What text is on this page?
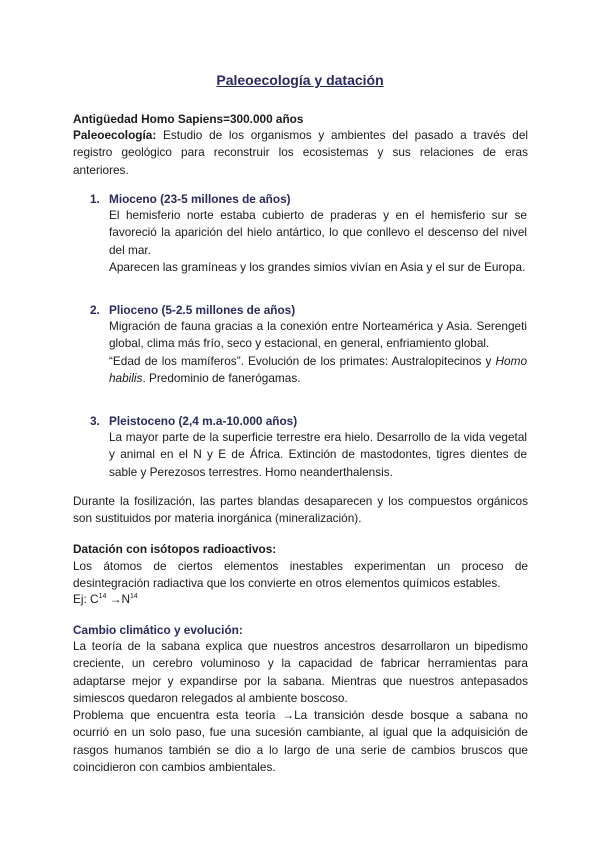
Paleoecología y datación
Antigüedad Homo Sapiens=300.000 años
Paleoecología: Estudio de los organismos y ambientes del pasado a través del registro geológico para reconstruir los ecosistemas y sus relaciones de eras anteriores.
1. Mioceno (23-5 millones de años)

El hemisferio norte estaba cubierto de praderas y en el hemisferio sur se favoreció la aparición del hielo antártico, lo que conllevo el descenso del nivel del mar.

Aparecen las gramíneas y los grandes simios vivían en Asia y el sur de Europa.

2. Plioceno (5-2.5 millones de años)

Migración de fauna gracias a la conexión entre Norteamérica y Asia. Serengeti global, clima más frío, seco y estacional, en general, enfriamiento global.

“Edad de los mamíferos”. Evolución de los primates: Australopitecinos y Homo habilis. Predominio de fanerógamas.

3. Pleistoceno (2,4 m.a-10.000 años)

La mayor parte de la superficie terrestre era hielo. Desarrollo de la vida vegetal y animal en el N y E de África. Extinción de mastodontes, tigres dientes de sable y Perezosos terrestres. Homo neanderthalensis.

Durante la fosilización, las partes blandas desaparecen y los compuestos orgánicos son sustituidos por materia inorgánica (mineralización).
Datación con isótopos radioactivos:
Los átomos de ciertos elementos inestables experimentan un proceso de desintegración radiactiva que los convierte en otros elementos químicos estables.
Ej: $C^{14} \to N^{14}$
Cambio climático y evolución:

La teoría de la sabana explica que nuestros ancestros desarrollaron un bipedismo creciente, un cerebro voluminoso y la capacidad de fabricar herramientas para adaptarse mejor y expandirse por la sabana. Mientras que nuestros antepasados simiescos quedaron relegados al ambiente boscoso.

Problema que encuentra esta teoría →La transición desde bosque a sabana no ocurrió en un solo paso, fue una sucesión cambiante, al igual que la adquisición de rasgos humanos también se dio a lo largo de una serie de cambios bruscos que coincidieron con cambios ambientales.
